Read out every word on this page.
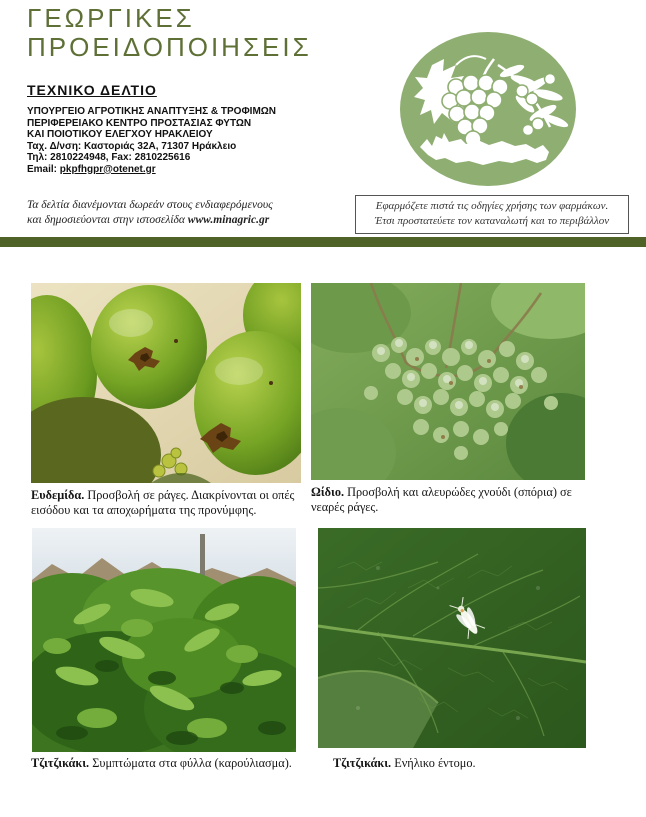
ΓΕΩΡΓΙΚΕΣ
ΠΡΟΕΙΔΟΠΟΙΗΣΕΙΣ
ΤΕΧΝΙΚΟ ΔΕΛΤΙΟ
ΥΠΟΥΡΓΕΙΟ ΑΓΡΟΤΙΚΗΣ ΑΝΑΠΤΥΞΗΣ & ΤΡΟΦΙΜΩΝ
ΠΕΡΙΦΕΡΕΙΑΚΟ ΚΕΝΤΡΟ ΠΡΟΣΤΑΣΙΑΣ ΦΥΤΩΝ
ΚΑΙ ΠΟΙΟΤΙΚΟΥ ΕΛΕΓΧΟΥ ΗΡΑΚΛΕΙΟΥ
Ταχ. Δ/νση: Καστοριάς 32Α, 71307 Ηράκλειο
Τηλ: 2810224948, Fax: 2810225616
Email: pkpfhgpr@otenet.gr
Τα δελτία διανέμονται δωρεάν στους ενδιαφερόμενους
και δημοσιεύονται στην ιστοσελίδα www.minagric.gr
Εφαρμόζετε πιστά τις οδηγίες χρήσης των φαρμάκων.
Έτσι προστατεύετε τον καταναλωτή και το περιβάλλον
Ευδεμίδα. Προσβολή σε ράγες. Διακρίνονται οι οπές εισόδου και τα αποχωρήματα της προνύμφης.
Ωίδιο. Προσβολή και αλευρώδες χνούδι (σπόρια) σε νεαρές ράγες.
Τζιτζικάκι. Συμπτώματα στα φύλλα (καρούλιασμα).	Τζιτζικάκι. Ενήλικο έντομο.
